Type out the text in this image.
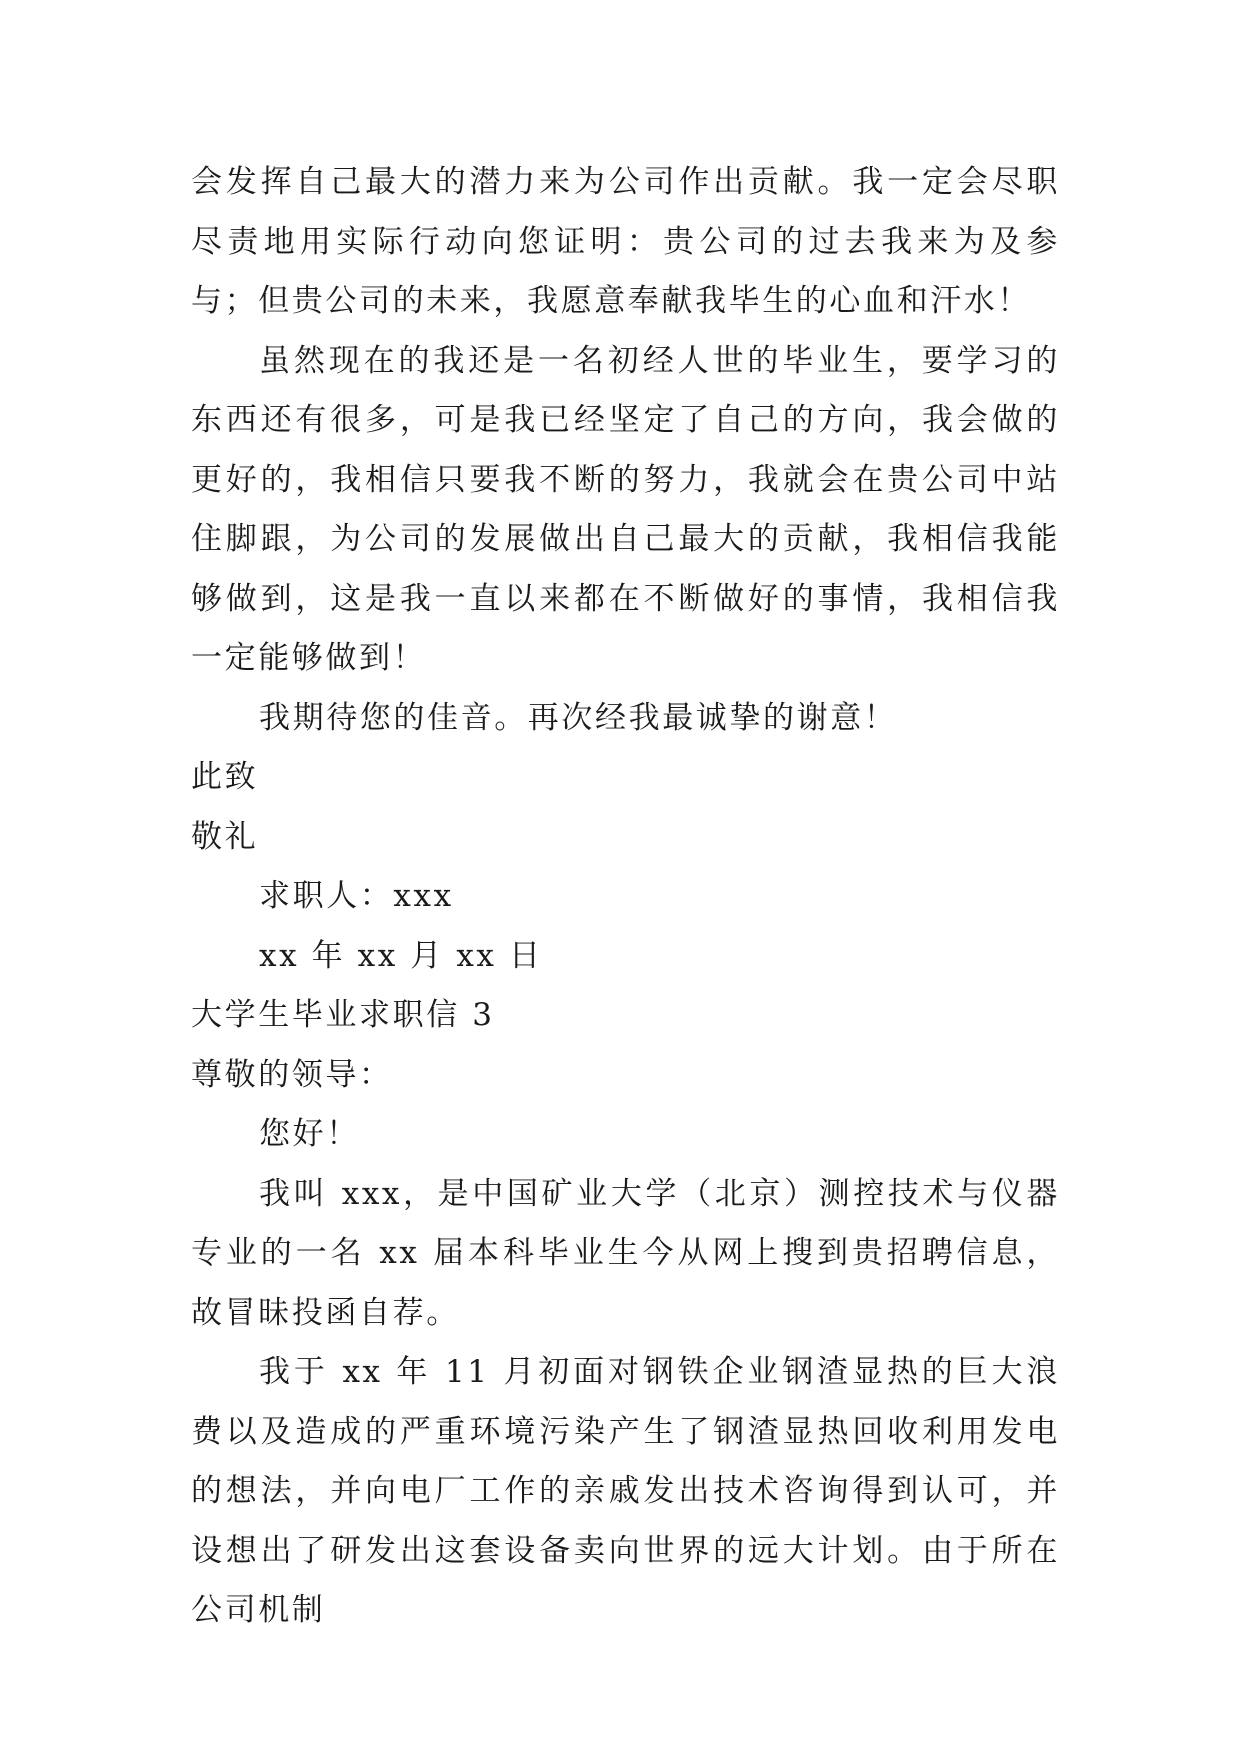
会发挥自己最大的潜力来为公司作出贡献。我一定会尽职尽责地用实际行动向您证明：贵公司的过去我来为及参与；但贵公司的未来，我愿意奉献我毕生的心血和汗水！

虽然现在的我还是一名初经人世的毕业生，要学习的东西还有很多，可是我已经坚定了自己的方向，我会做的更好的，我相信只要我不断的努力，我就会在贵公司中站住脚跟，为公司的发展做出自己最大的贡献，我相信我能够做到，这是我一直以来都在不断做好的事情，我相信我一定能够做到！

我期待您的佳音。再次经我最诚挚的谢意！

此致

敬礼

求职人：xxx

xx 年 xx 月 xx 日

大学生毕业求职信 3

尊敬的领导：

您好！

我叫 xxx，是中国矿业大学（北京）测控技术与仪器专业的一名 xx 届本科毕业生今从网上搜到贵招聘信息，故冒昧投函自荐。

我于 xx 年 11 月初面对钢铁企业钢渣显热的巨大浪费以及造成的严重环境污染产生了钢渣显热回收利用发电的想法，并向电厂工作的亲戚发出技术咨询得到认可，并设想出了研发出这套设备卖向世界的远大计划。由于所在公司机制
